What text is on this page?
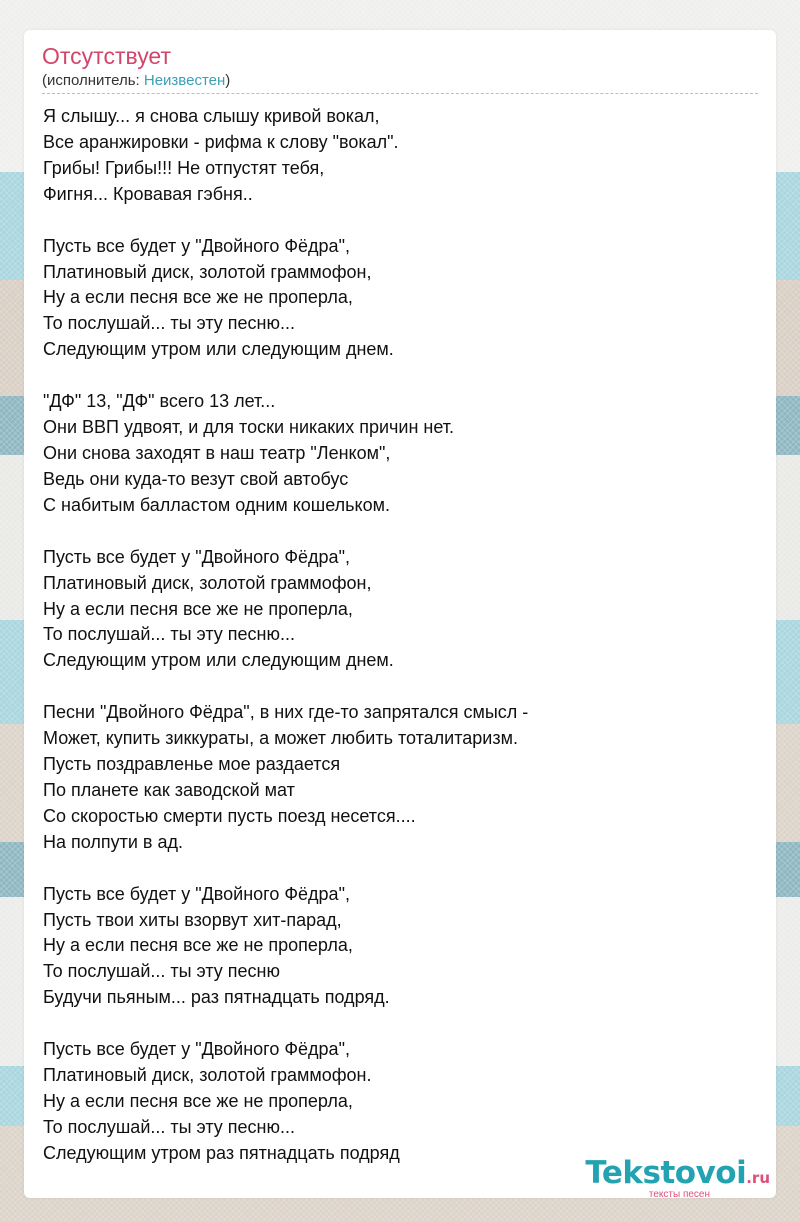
Отсутствует
(исполнитель: Неизвестен)
Я слышу... я снова слышу кривой вокал,
Все аранжировки - рифма к слову "вокал".
Грибы! Грибы!!! Не отпустят тебя,
Фигня... Кровавая гэбня..
Пусть все будет у "Двойного Фёдра",
Платиновый диск, золотой граммофон,
Ну а если песня все же не проперла,
То послушай... ты эту песню...
Следующим утром или следующим днем.
"ДФ" 13, "ДФ" всего 13 лет...
Они ВВП удвоят, и для тоски никаких причин нет.
Они снова заходят в наш театр "Ленком",
Ведь они куда-то везут свой автобус
С набитым балластом одним кошельком.
Пусть все будет у "Двойного Фёдра",
Платиновый диск, золотой граммофон,
Ну а если песня все же не проперла,
То послушай... ты эту песню...
Следующим утром или следующим днем.
Песни "Двойного Фёдра", в них где-то запрятался смысл -
Может, купить зиккураты, а может любить тоталитаризм.
Пусть поздравленье мое раздается
По планете как заводской мат
Со скоростью смерти пусть поезд несется....
На полпути в ад.
Пусть все будет у "Двойного Фёдра",
Пусть твои хиты взорвут хит-парад,
Ну а если песня все же не проперла,
То послушай... ты эту песню
Будучи пьяным... раз пятнадцать подряд.
Пусть все будет у "Двойного Фёдра",
Платиновый диск, золотой граммофон.
Ну а если песня все же не проперла,
То послушай... ты эту песню...
Следующим утром раз пятнадцать подряд
Tekstovoi.ru
тексты песен
